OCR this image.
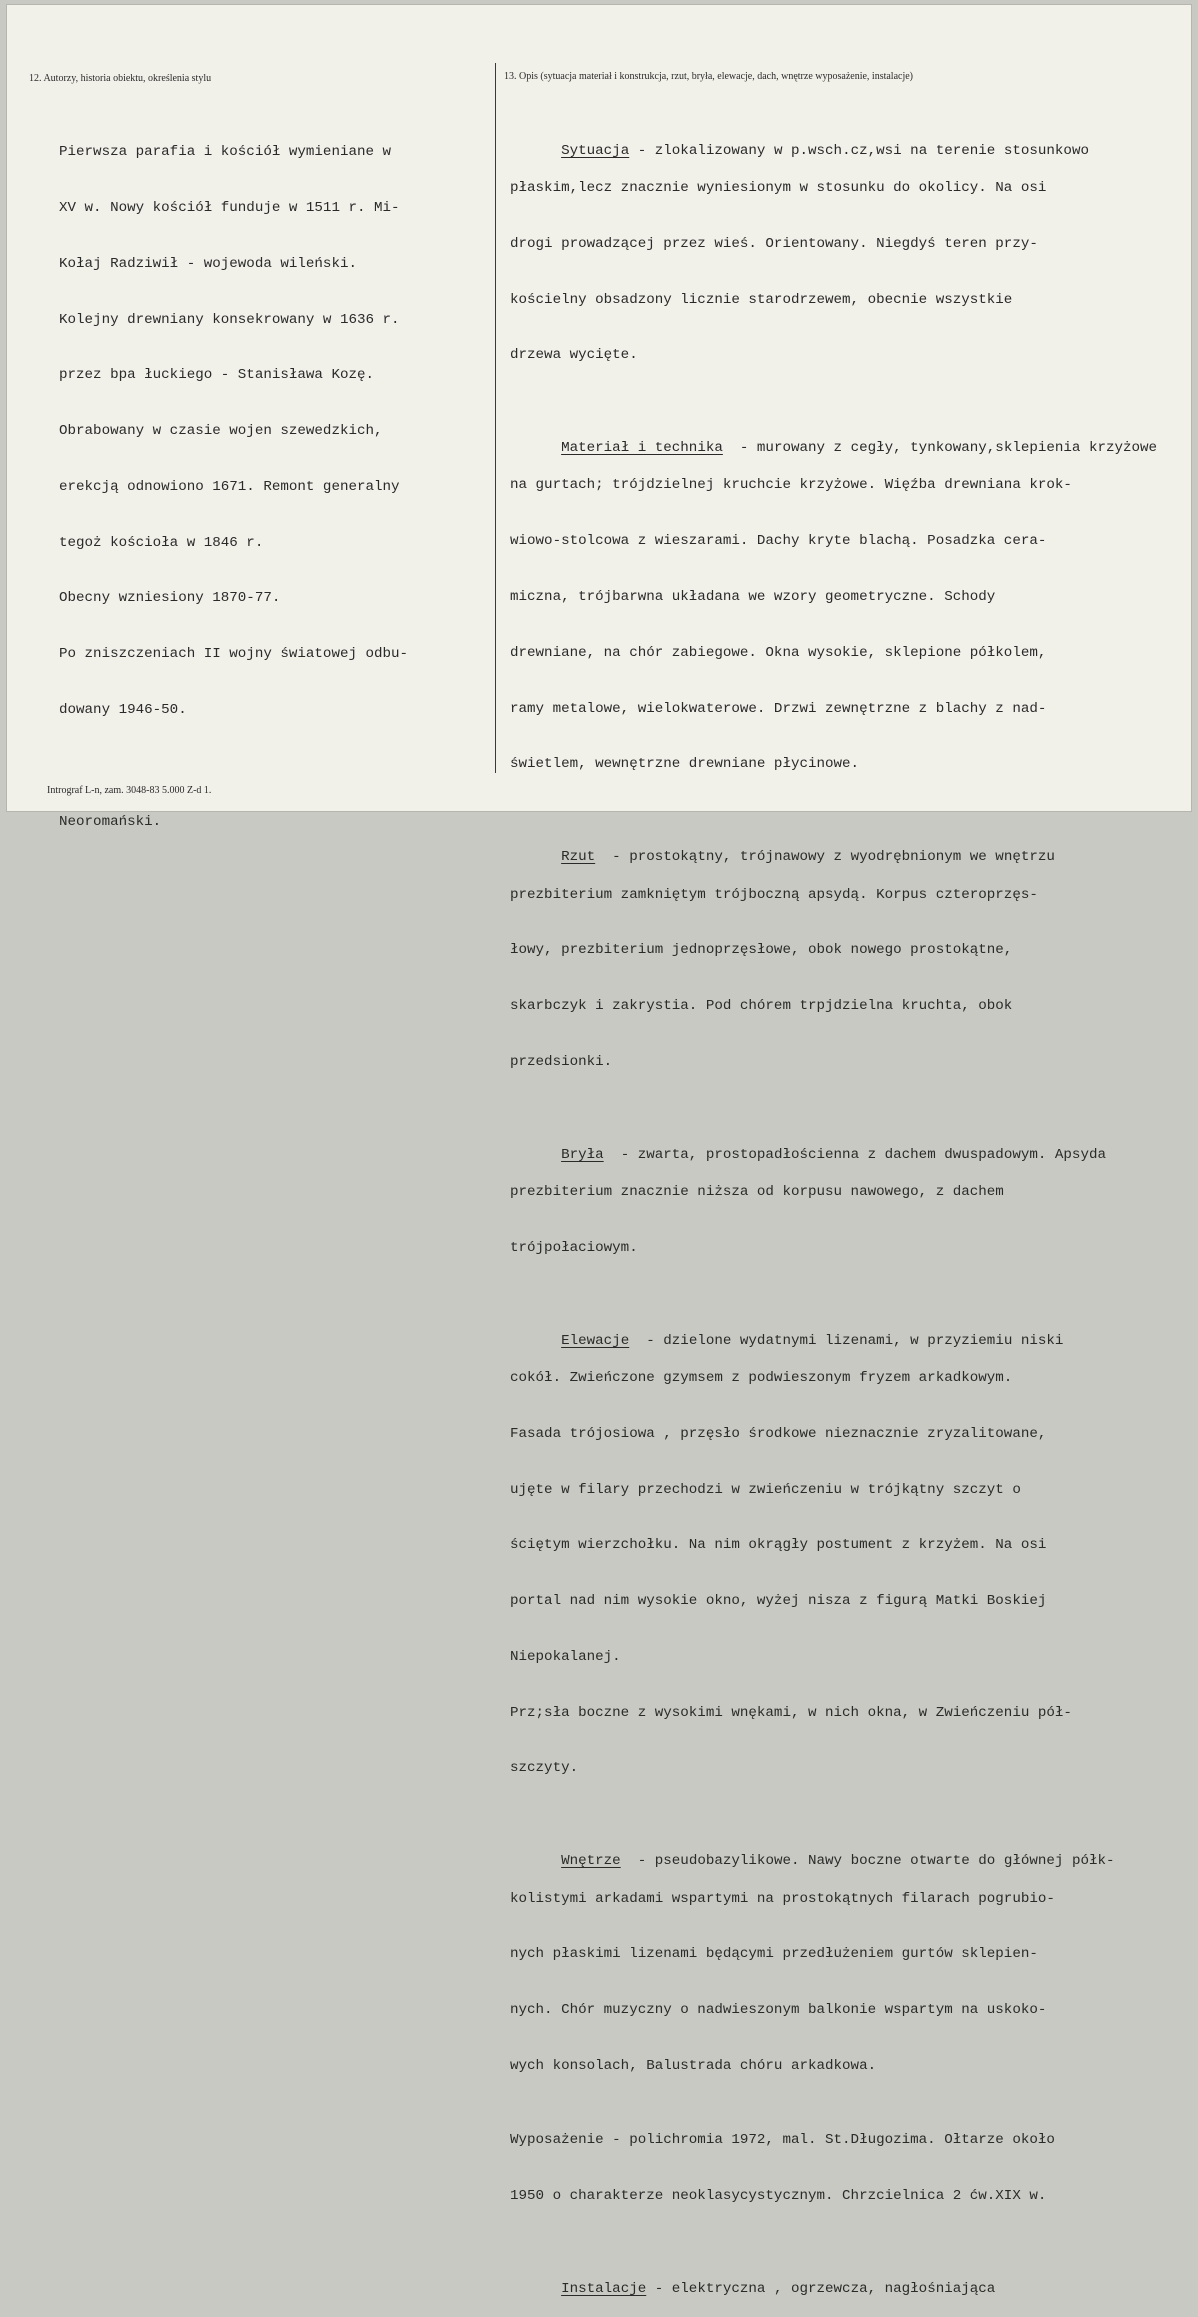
12. Autorzy, historia obiektu, określenia stylu	13. Opis (sytuacja materiał i konstrukcja, rzut, bryła, elewacje, dach, wnętrze wyposażenie, instalacje)

Pierwsza parafia i kościół wymieniane w

XV w. Nowy kościół funduje w 1511 r. Mi-

Kołaj Radziwił - wojewoda wileński.

Kolejny drewniany konsekrowany w 1636 r.

przez bpa łuckiego - Stanisława Kozę.

Obrabowany w czasie wojen szewedzkich,

erekcją odnowiono 1671. Remont generalny

tegoż kościoła w 1846 r.

Obecny wzniesiony 1870-77.

Po zniszczeniach II wojny światowej odbu-

dowany 1946-50.

Neoromański.

Sytuacja - zlokalizowany w p.wsch.cz,wsi na terenie stosunkowo

płaskim,lecz znacznie wyniesionym w stosunku do okolicy. Na osi

drogi prowadzącej przez wieś. Orientowany. Niegdyś teren przy-

kościelny obsadzony licznie starodrzewem, obecnie wszystkie

drzewa wycięte.

Materiał i technika  - murowany z cegły, tynkowany,sklepienia krzyżowe

na gurtach; trójdzielnej kruchcie krzyżowe. Więźba drewniana krok-

wiowo-stolcowa z wieszarami. Dachy kryte blachą. Posadzka cera-

miczna, trójbarwna układana we wzory geometryczne. Schody

drewniane, na chór zabiegowe. Okna wysokie, sklepione półkolem,

ramy metalowe, wielokwaterowe. Drzwi zewnętrzne z blachy z nad-

świetlem, wewnętrzne drewniane płycinowe.

Rzut  - prostokątny, trójnawowy z wyodrębnionym we wnętrzu

prezbiterium zamkniętym trójboczną apsydą. Korpus czteroprzęs-

łowy, prezbiterium jednoprzęsłowe, obok nowego prostokątne,

skarbczyk i zakrystia. Pod chórem trpjdzielna kruchta, obok

przedsionki.

Bryła  - zwarta, prostopadłościenna z dachem dwuspadowym. Apsyda

prezbiterium znacznie niższa od korpusu nawowego, z dachem

trójpołaciowym.

Elewacje  - dzielone wydatnymi lizenami, w przyziemiu niski

cokół. Zwieńczone gzymsem z podwieszonym fryzem arkadkowym.

Fasada trójosiowa , przęsło środkowe nieznacznie zryzalitowane,

ujęte w filary przechodzi w zwieńczeniu w trójkątny szczyt o

ściętym wierzchołku. Na nim okrągły postument z krzyżem. Na osi

portal nad nim wysokie okno, wyżej nisza z figurą Matki Boskiej

Niepokalanej.

Prz;sła boczne z wysokimi wnękami, w nich okna, w Zwieńczeniu pół-

szczyty.

Wnętrze  - pseudobazylikowe. Nawy boczne otwarte do głównej półk-

kolistymi arkadami wspartymi na prostokątnych filarach pogrubio-

nych płaskimi lizenami będącymi przedłużeniem gurtów sklepien-

nych. Chór muzyczny o nadwieszonym balkonie wspartym na uskoko-

wych konsolach, Balustrada chóru arkadkowa.

Wyposażenie - polichromia 1972, mal. St.Długozima. Ołtarze około

1950 o charakterze neoklasycystycznym. Chrzcielnica 2 ćw.XIX w.

Instalacje - elektryczna , ogrzewcza, nagłośniająca

Intrograf L-n, zam. 3048-83 5.000 Z-d 1.
